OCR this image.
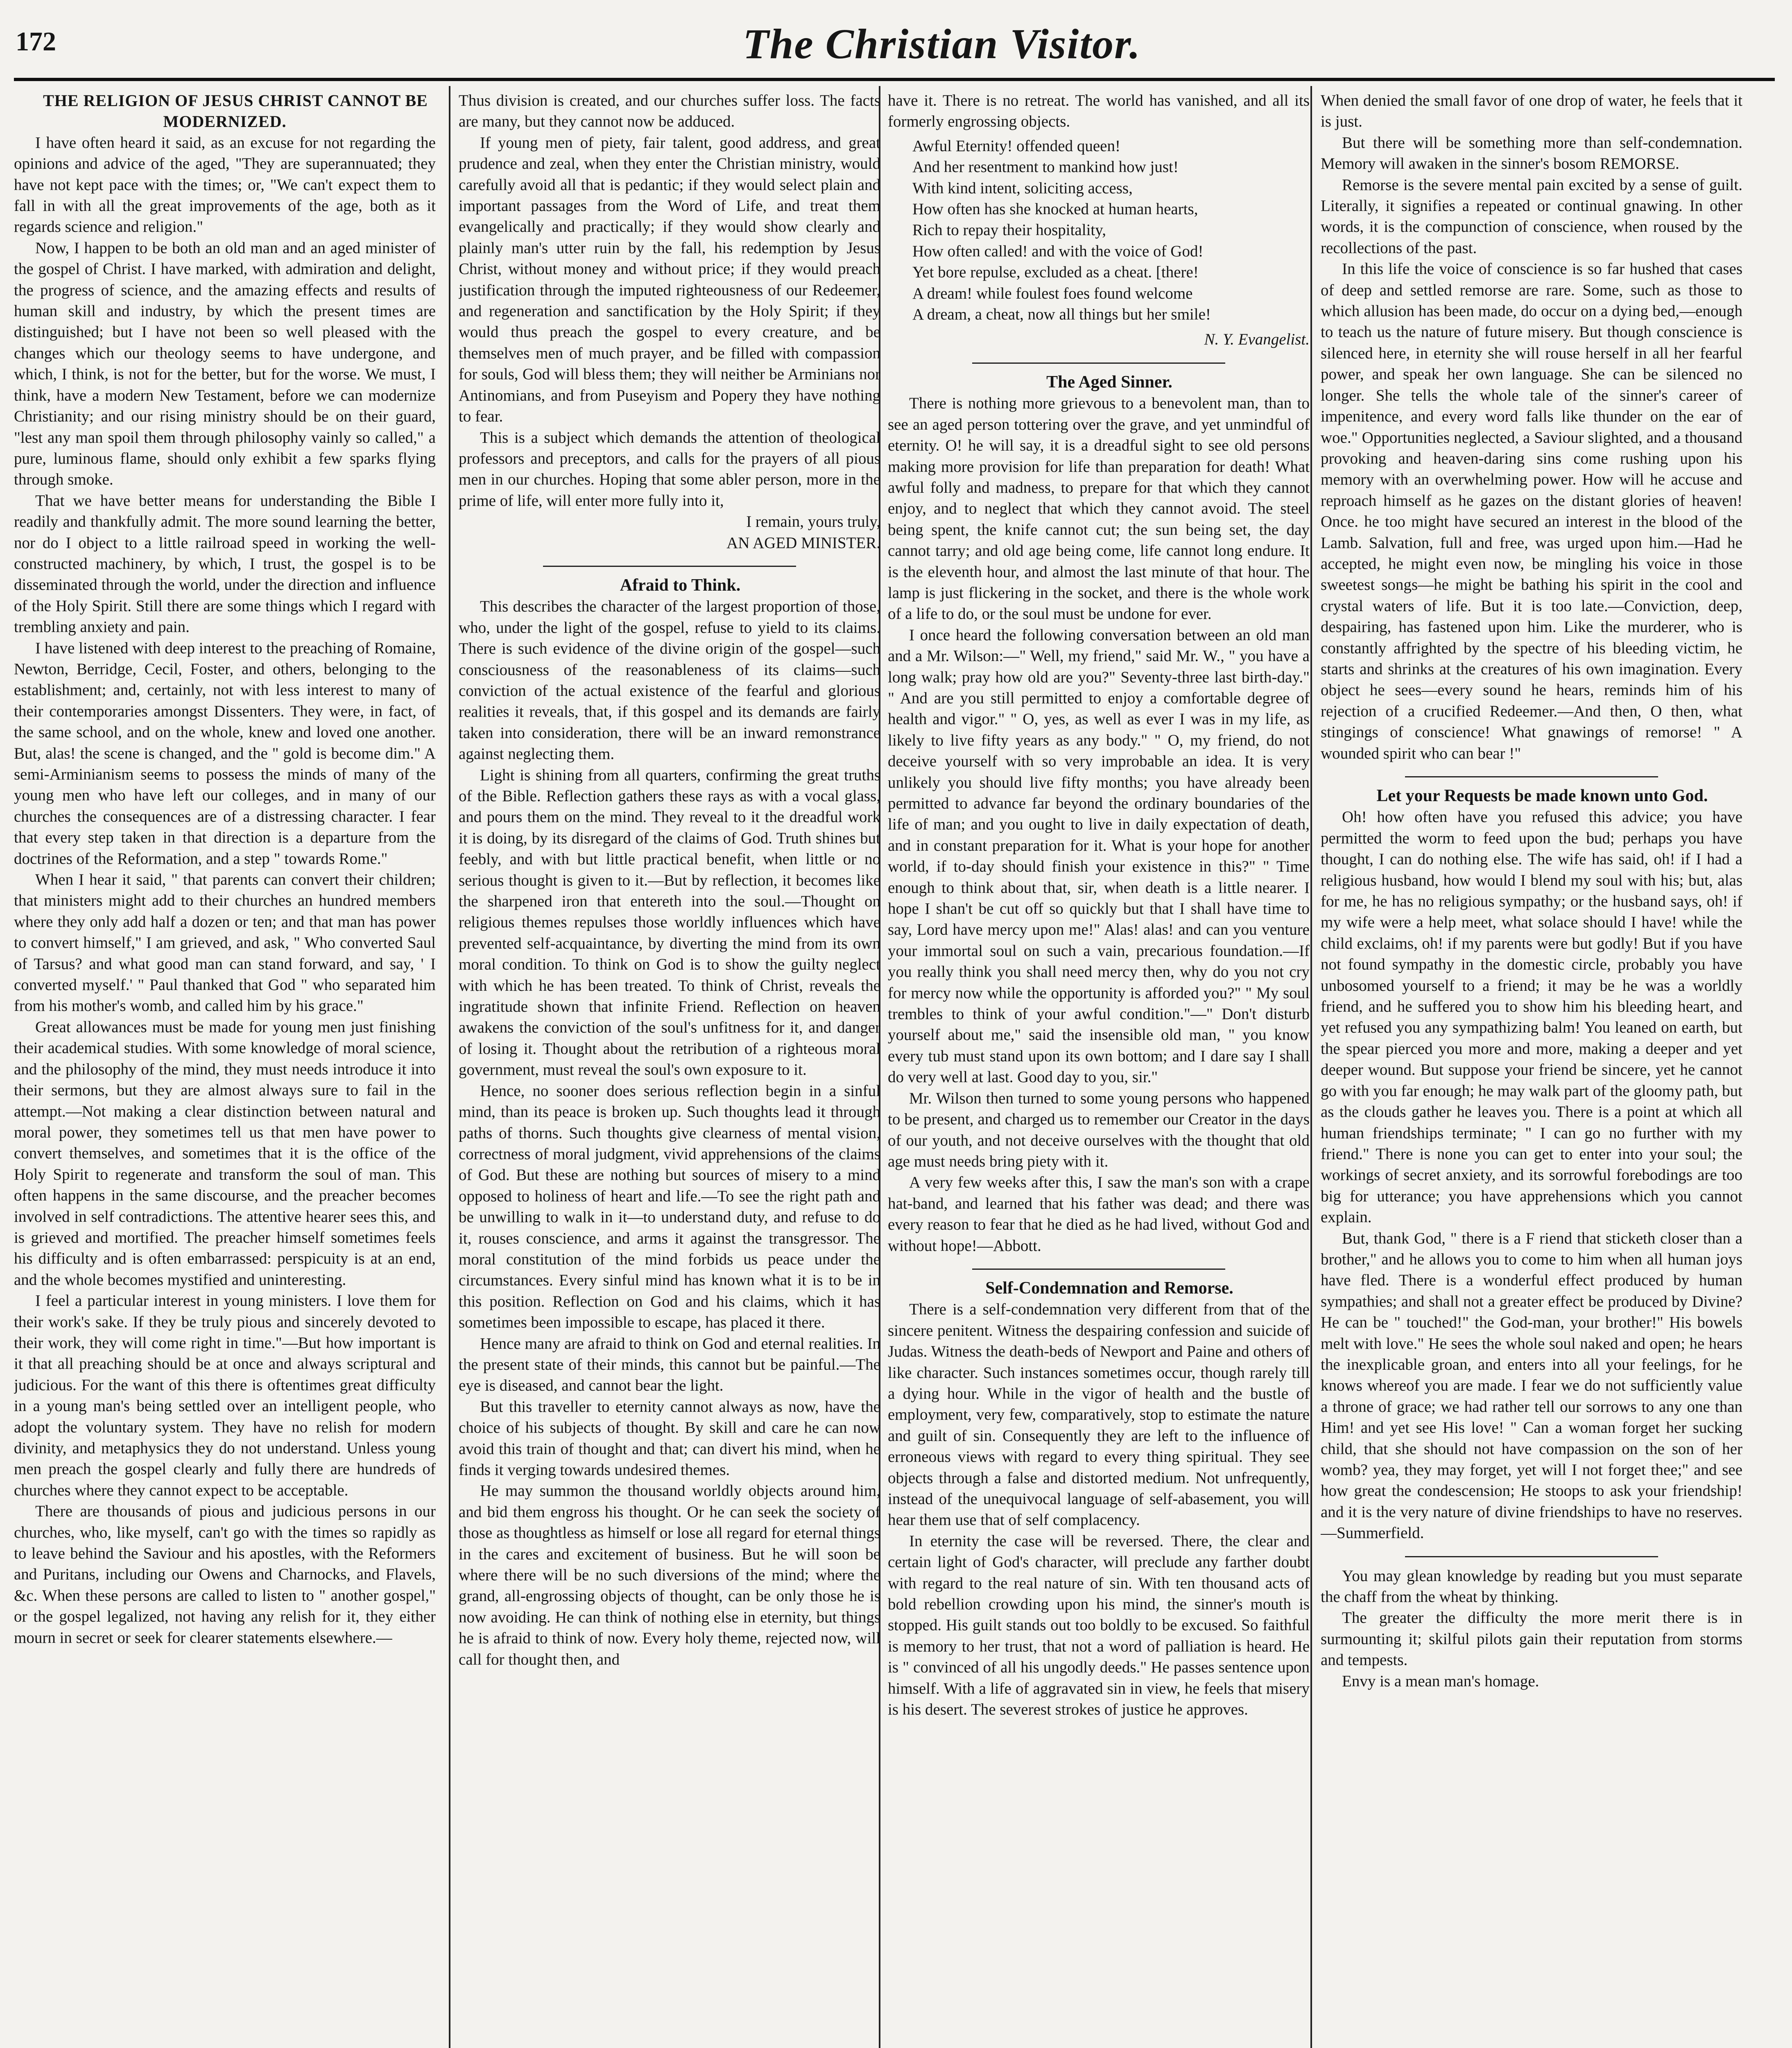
172	The Christian Visitor.

THE RELIGION OF JESUS CHRIST CANNOT BE MODERNIZED.

I have often heard it said, as an excuse for not regarding the opinions and advice of the aged, "They are superannuated; they have not kept pace with the times; or, "We can't expect them to fall in with all the great improvements of the age, both as it regards science and religion."

Now, I happen to be both an old man and an aged minister of the gospel of Christ. I have marked, with admiration and delight, the progress of science, and the amazing effects and results of human skill and industry, by which the present times are distinguished; but I have not been so well pleased with the changes which our theology seems to have undergone, and which, I think, is not for the better, but for the worse. We must, I think, have a modern New Testament, before we can modernize Christianity; and our rising ministry should be on their guard, "lest any man spoil them through philosophy vainly so called," a pure, luminous flame, should only exhibit a few sparks flying through smoke.

That we have better means for understanding the Bible I readily and thankfully admit. The more sound learning the better, nor do I object to a little railroad speed in working the well-constructed machinery, by which, I trust, the gospel is to be disseminated through the world, under the direction and influence of the Holy Spirit. Still there are some things which I regard with trembling anxiety and pain.

I have listened with deep interest to the preaching of Romaine, Newton, Berridge, Cecil, Foster, and others, belonging to the establishment; and, certainly, not with less interest to many of their contemporaries amongst Dissenters. They were, in fact, of the same school, and on the whole, knew and loved one another. But, alas! the scene is changed, and the " gold is become dim." A semi-Arminianism seems to possess the minds of many of the young men who have left our colleges, and in many of our churches the consequences are of a distressing character. I fear that every step taken in that direction is a departure from the doctrines of the Reformation, and a step " towards Rome."

When I hear it said, " that parents can convert their children; that ministers might add to their churches an hundred members where they only add half a dozen or ten; and that man has power to convert himself," I am grieved, and ask, " Who converted Saul of Tarsus? and what good man can stand forward, and say, ' I converted myself.' " Paul thanked that God " who separated him from his mother's womb, and called him by his grace."

Great allowances must be made for young men just finishing their academical studies. With some knowledge of moral science, and the philosophy of the mind, they must needs introduce it into their sermons, but they are almost always sure to fail in the attempt.—Not making a clear distinction between natural and moral power, they sometimes tell us that men have power to convert themselves, and sometimes that it is the office of the Holy Spirit to regenerate and transform the soul of man. This often happens in the same discourse, and the preacher becomes involved in self contradictions. The attentive hearer sees this, and is grieved and mortified. The preacher himself sometimes feels his difficulty and is often embarrassed: perspicuity is at an end, and the whole becomes mystified and uninteresting.

I feel a particular interest in young ministers. I love them for their work's sake. If they be truly pious and sincerely devoted to their work, they will come right in time."—But how important is it that all preaching should be at once and always scriptural and judicious. For the want of this there is oftentimes great difficulty in a young man's being settled over an intelligent people, who adopt the voluntary system. They have no relish for modern divinity, and metaphysics they do not understand. Unless young men preach the gospel clearly and fully there are hundreds of churches where they cannot expect to be acceptable.

There are thousands of pious and judicious persons in our churches, who, like myself, can't go with the times so rapidly as to leave behind the Saviour and his apostles, with the Reformers and Puritans, including our Owens and Charnocks, and Flavels, &c. When these persons are called to listen to " another gospel," or the gospel legalized, not having any relish for it, they either mourn in secret or seek for clearer statements elsewhere.—

Thus division is created, and our churches suffer loss. The facts are many, but they cannot now be adduced.

If young men of piety, fair talent, good address, and great prudence and zeal, when they enter the Christian ministry, would carefully avoid all that is pedantic; if they would select plain and important passages from the Word of Life, and treat them evangelically and practically; if they would show clearly and plainly man's utter ruin by the fall, his redemption by Jesus Christ, without money and without price; if they would preach justification through the imputed righteousness of our Redeemer, and regeneration and sanctification by the Holy Spirit; if they would thus preach the gospel to every creature, and be themselves men of much prayer, and be filled with compassion for souls, God will bless them; they will neither be Arminians nor Antinomians, and from Puseyism and Popery they have nothing to fear.

This is a subject which demands the attention of theological professors and preceptors, and calls for the prayers of all pious men in our churches. Hoping that some abler person, more in the prime of life, will enter more fully into it,

I remain, yours truly,

AN AGED MINISTER.

Afraid to Think.

This describes the character of the largest proportion of those, who, under the light of the gospel, refuse to yield to its claims. There is such evidence of the divine origin of the gospel—such consciousness of the reasonableness of its claims—such conviction of the actual existence of the fearful and glorious realities it reveals, that, if this gospel and its demands are fairly taken into consideration, there will be an inward remonstrance against neglecting them.

Light is shining from all quarters, confirming the great truths of the Bible. Reflection gathers these rays as with a vocal glass, and pours them on the mind. They reveal to it the dreadful work it is doing, by its disregard of the claims of God. Truth shines but feebly, and with but little practical benefit, when little or no serious thought is given to it.—But by reflection, it becomes like the sharpened iron that entereth into the soul.—Thought on religious themes repulses those worldly influences which have prevented self-acquaintance, by diverting the mind from its own moral condition. To think on God is to show the guilty neglect with which he has been treated. To think of Christ, reveals the ingratitude shown that infinite Friend. Reflection on heaven awakens the conviction of the soul's unfitness for it, and danger of losing it. Thought about the retribution of a righteous moral government, must reveal the soul's own exposure to it.

Hence, no sooner does serious reflection begin in a sinful mind, than its peace is broken up. Such thoughts lead it through paths of thorns. Such thoughts give clearness of mental vision, correctness of moral judgment, vivid apprehensions of the claims of God. But these are nothing but sources of misery to a mind opposed to holiness of heart and life.—To see the right path and be unwilling to walk in it—to understand duty, and refuse to do it, rouses conscience, and arms it against the transgressor. The moral constitution of the mind forbids us peace under the circumstances. Every sinful mind has known what it is to be in this position. Reflection on God and his claims, which it has sometimes been impossible to escape, has placed it there.

Hence many are afraid to think on God and eternal realities. In the present state of their minds, this cannot but be painful.—The eye is diseased, and cannot bear the light.

But this traveller to eternity cannot always as now, have the choice of his subjects of thought. By skill and care he can now avoid this train of thought and that; can divert his mind, when he finds it verging towards undesired themes.

He may summon the thousand worldly objects around him, and bid them engross his thought. Or he can seek the society of those as thoughtless as himself or lose all regard for eternal things in the cares and excitement of business. But he will soon be where there will be no such diversions of the mind; where the grand, all-engrossing objects of thought, can be only those he is now avoiding. He can think of nothing else in eternity, but things he is afraid to think of now. Every holy theme, rejected now, will call for thought then, and

have it. There is no retreat. The world has vanished, and all its formerly engrossing objects.

Awful Eternity! offended queen!
And her resentment to mankind how just!
With kind intent, soliciting access,
How often has she knocked at human hearts,
Rich to repay their hospitality,
How often called! and with the voice of God!
Yet bore repulse, excluded as a cheat. [there!
A dream! while foulest foes found welcome
A dream, a cheat, now all things but her smile!

N. Y. Evangelist.

The Aged Sinner.

There is nothing more grievous to a benevolent man, than to see an aged person tottering over the grave, and yet unmindful of eternity. O! he will say, it is a dreadful sight to see old persons making more provision for life than preparation for death! What awful folly and madness, to prepare for that which they cannot enjoy, and to neglect that which they cannot avoid. The steel being spent, the knife cannot cut; the sun being set, the day cannot tarry; and old age being come, life cannot long endure. It is the eleventh hour, and almost the last minute of that hour. The lamp is just flickering in the socket, and there is the whole work of a life to do, or the soul must be undone for ever.

I once heard the following conversation between an old man and a Mr. Wilson:—" Well, my friend," said Mr. W., " you have a long walk; pray how old are you?" Seventy-three last birth-day." " And are you still permitted to enjoy a comfortable degree of health and vigor." " O, yes, as well as ever I was in my life, as likely to live fifty years as any body." " O, my friend, do not deceive yourself with so very improbable an idea. It is very unlikely you should live fifty months; you have already been permitted to advance far beyond the ordinary boundaries of the life of man; and you ought to live in daily expectation of death, and in constant preparation for it. What is your hope for another world, if to-day should finish your existence in this?" " Time enough to think about that, sir, when death is a little nearer. I hope I shan't be cut off so quickly but that I shall have time to say, Lord have mercy upon me!" Alas! alas! and can you venture your immortal soul on such a vain, precarious foundation.—If you really think you shall need mercy then, why do you not cry for mercy now while the opportunity is afforded you?" " My soul trembles to think of your awful condition."—" Don't disturb yourself about me," said the insensible old man, " you know every tub must stand upon its own bottom; and I dare say I shall do very well at last. Good day to you, sir."

Mr. Wilson then turned to some young persons who happened to be present, and charged us to remember our Creator in the days of our youth, and not deceive ourselves with the thought that old age must needs bring piety with it.

A very few weeks after this, I saw the man's son with a crape hat-band, and learned that his father was dead; and there was every reason to fear that he died as he had lived, without God and without hope!—Abbott.

Self-Condemnation and Remorse.

There is a self-condemnation very different from that of the sincere penitent. Witness the despairing confession and suicide of Judas. Witness the death-beds of Newport and Paine and others of like character. Such instances sometimes occur, though rarely till a dying hour. While in the vigor of health and the bustle of employment, very few, comparatively, stop to estimate the nature and guilt of sin. Consequently they are left to the influence of erroneous views with regard to every thing spiritual. They see objects through a false and distorted medium. Not unfrequently, instead of the unequivocal language of self-abasement, you will hear them use that of self complacency.

In eternity the case will be reversed. There, the clear and certain light of God's character, will preclude any farther doubt with regard to the real nature of sin. With ten thousand acts of bold rebellion crowding upon his mind, the sinner's mouth is stopped. His guilt stands out too boldly to be excused. So faithful is memory to her trust, that not a word of palliation is heard. He is " convinced of all his ungodly deeds." He passes sentence upon himself. With a life of aggravated sin in view, he feels that misery is his desert. The severest strokes of justice he approves.

When denied the small favor of one drop of water, he feels that it is just.

But there will be something more than self-condemnation. Memory will awaken in the sinner's bosom REMORSE.

Remorse is the severe mental pain excited by a sense of guilt. Literally, it signifies a repeated or continual gnawing. In other words, it is the compunction of conscience, when roused by the recollections of the past.

In this life the voice of conscience is so far hushed that cases of deep and settled remorse are rare. Some, such as those to which allusion has been made, do occur on a dying bed,—enough to teach us the nature of future misery. But though conscience is silenced here, in eternity she will rouse herself in all her fearful power, and speak her own language. She can be silenced no longer. She tells the whole tale of the sinner's career of impenitence, and every word falls like thunder on the ear of woe." Opportunities neglected, a Saviour slighted, and a thousand provoking and heaven-daring sins come rushing upon his memory with an overwhelming power. How will he accuse and reproach himself as he gazes on the distant glories of heaven! Once. he too might have secured an interest in the blood of the Lamb. Salvation, full and free, was urged upon him.—Had he accepted, he might even now, be mingling his voice in those sweetest songs—he might be bathing his spirit in the cool and crystal waters of life. But it is too late.—Conviction, deep, despairing, has fastened upon him. Like the murderer, who is constantly affrighted by the spectre of his bleeding victim, he starts and shrinks at the creatures of his own imagination. Every object he sees—every sound he hears, reminds him of his rejection of a crucified Redeemer.—And then, O then, what stingings of conscience! What gnawings of remorse! " A wounded spirit who can bear !"

Let your Requests be made known unto God.

Oh! how often have you refused this advice; you have permitted the worm to feed upon the bud; perhaps you have thought, I can do nothing else. The wife has said, oh! if I had a religious husband, how would I blend my soul with his; but, alas for me, he has no religious sympathy; or the husband says, oh! if my wife were a help meet, what solace should I have! while the child exclaims, oh! if my parents were but godly! But if you have not found sympathy in the domestic circle, probably you have unbosomed yourself to a friend; it may be he was a worldly friend, and he suffered you to show him his bleeding heart, and yet refused you any sympathizing balm! You leaned on earth, but the spear pierced you more and more, making a deeper and yet deeper wound. But suppose your friend be sincere, yet he cannot go with you far enough; he may walk part of the gloomy path, but as the clouds gather he leaves you. There is a point at which all human friendships terminate; " I can go no further with my friend." There is none you can get to enter into your soul; the workings of secret anxiety, and its sorrowful forebodings are too big for utterance; you have apprehensions which you cannot explain.

But, thank God, " there is a F riend that sticketh closer than a brother," and he allows you to come to him when all human joys have fled. There is a wonderful effect produced by human sympathies; and shall not a greater effect be produced by Divine? He can be " touched!" the God-man, your brother!" His bowels melt with love." He sees the whole soul naked and open; he hears the inexplicable groan, and enters into all your feelings, for he knows whereof you are made. I fear we do not sufficiently value a throne of grace; we had rather tell our sorrows to any one than Him! and yet see His love! " Can a woman forget her sucking child, that she should not have compassion on the son of her womb? yea, they may forget, yet will I not forget thee;" and see how great the condescension; He stoops to ask your friendship! and it is the very nature of divine friendships to have no reserves.—Summerfield.

You may glean knowledge by reading but you must separate the chaff from the wheat by thinking.

The greater the difficulty the more merit there is in surmounting it; skilful pilots gain their reputation from storms and tempests.

Envy is a mean man's homage.
